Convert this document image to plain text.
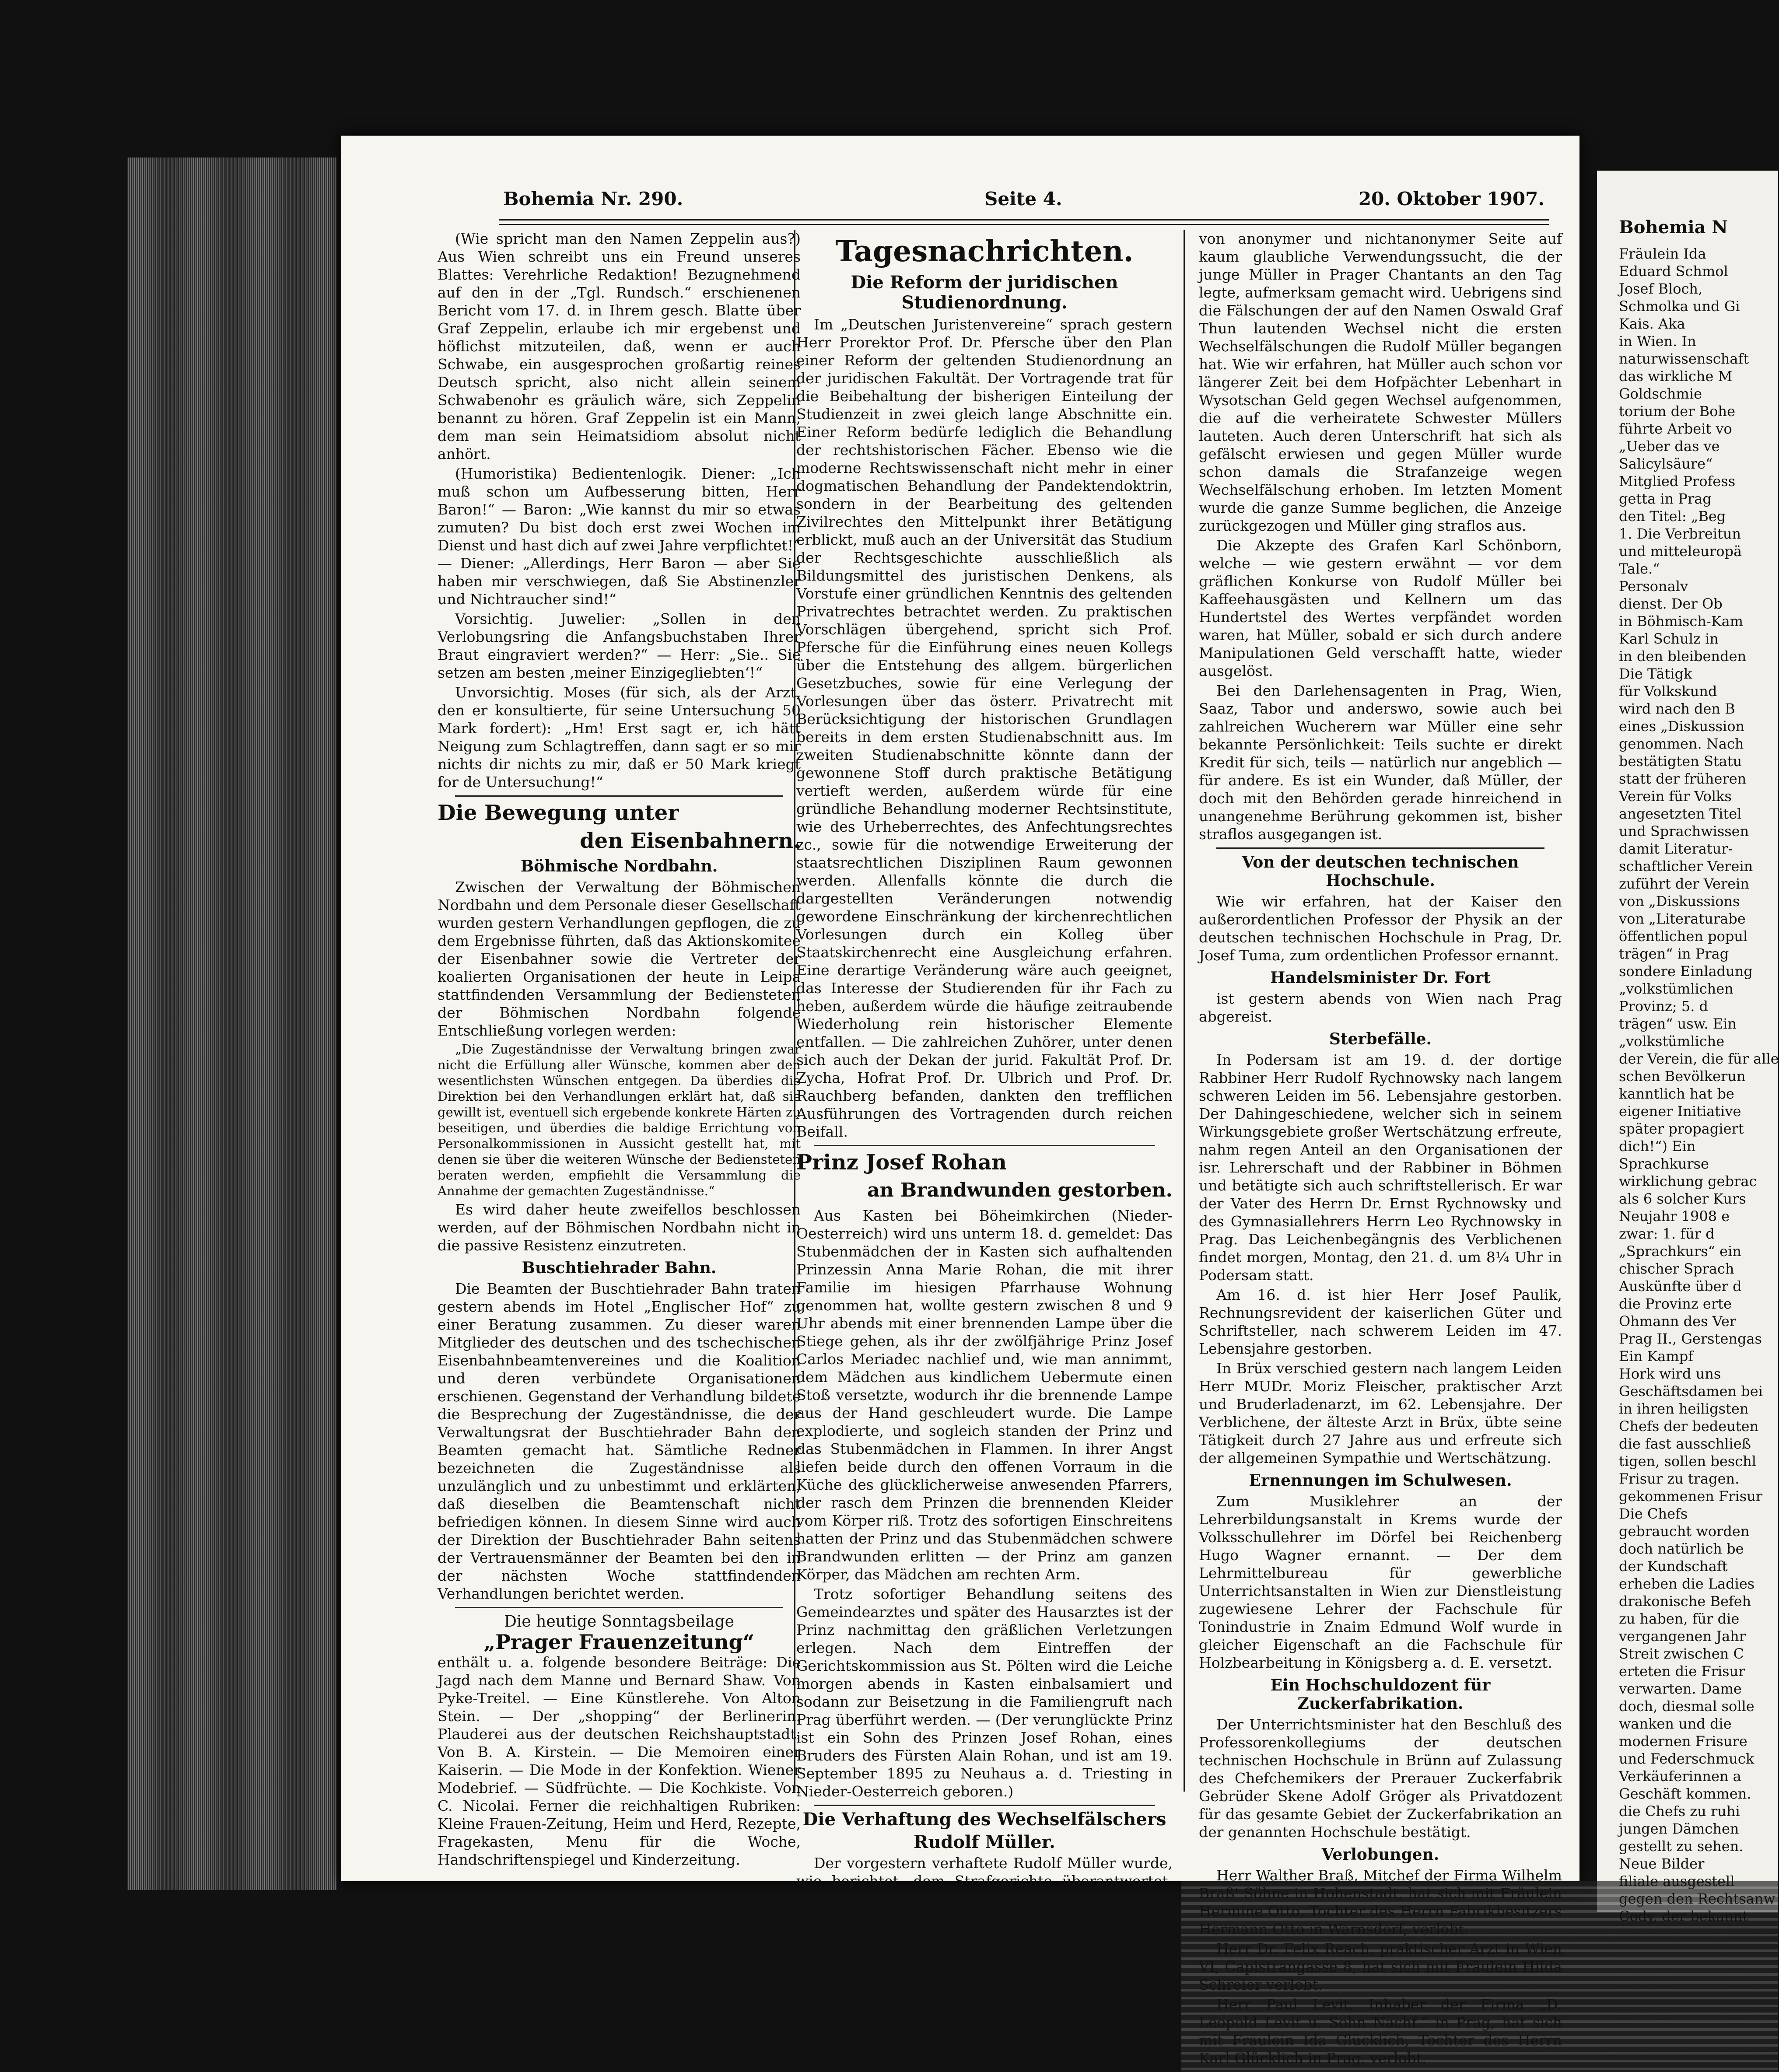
Bohemia Nr. 290.	Seite 4.	20. Oktober 1907.

(Wie spricht man den Namen Zeppelin aus?) Aus Wien schreibt uns ein Freund unseres Blattes: Verehrliche Redaktion! Bezugnehmend auf den in der „Tgl. Rundsch.“ erschienenen Bericht vom 17. d. in Ihrem gesch. Blatte über Graf Zeppelin, erlaube ich mir ergebenst und höflichst mitzuteilen, daß, wenn er auch Schwabe, ein ausgesprochen großartig reines Deutsch spricht, also nicht allein seinem Schwabenohr es gräulich wäre, sich Zeppelin benannt zu hören. Graf Zeppelin ist ein Mann, dem man sein Heimatsidiom absolut nicht anhört.

(Humoristika) Bedientenlogik. Diener: „Ich muß schon um Aufbesserung bitten, Herr Baron!“ — Baron: „Wie kannst du mir so etwas zumuten? Du bist doch erst zwei Wochen im Dienst und hast dich auf zwei Jahre verpflichtet!“ — Diener: „Allerdings, Herr Baron — aber Sie haben mir verschwiegen, daß Sie Abstinenzler und Nichtraucher sind!“

Vorsichtig. Juwelier: „Sollen in den Verlobungsring die Anfangsbuchstaben Ihrer Braut eingraviert werden?“ — Herr: „Sie.. Sie setzen am besten ‚meiner Einzigegliebten‘!“

Unvorsichtig. Moses (für sich, als der Arzt, den er konsultierte, für seine Untersuchung 50 Mark fordert): „Hm! Erst sagt er, ich hätt Neigung zum Schlagtreffen, dann sagt er so mir nichts dir nichts zu mir, daß er 50 Mark kriegt for de Untersuchung!“

Die Bewegung unter
den Eisenbahnern.
Böhmische Nordbahn.

Zwischen der Verwaltung der Böhmischen Nordbahn und dem Personale dieser Gesellschaft wurden gestern Verhandlungen gepflogen, die zu dem Ergebnisse führten, daß das Aktionskomitee der Eisenbahner sowie die Vertreter der koalierten Organisationen der heute in Leipa stattfindenden Versammlung der Bediensteten der Böhmischen Nordbahn folgende Entschließung vorlegen werden:

„Die Zugeständnisse der Verwaltung bringen zwar nicht die Erfüllung aller Wünsche, kommen aber den wesentlichsten Wünschen entgegen. Da überdies die Direktion bei den Verhandlungen erklärt hat, daß sie gewillt ist, eventuell sich ergebende konkrete Härten zu beseitigen, und überdies die baldige Errichtung von Personalkommissionen in Aussicht gestellt hat, mit denen sie über die weiteren Wünsche der Bediensteten beraten werden, empfiehlt die Versammlung die Annahme der gemachten Zugeständnisse.“

Es wird daher heute zweifellos beschlossen werden, auf der Böhmischen Nordbahn nicht in die passive Resistenz einzutreten.

Buschtiehrader Bahn.

Die Beamten der Buschtiehrader Bahn traten gestern abends im Hotel „Englischer Hof“ zu einer Beratung zusammen. Zu dieser waren Mitglieder des deutschen und des tschechischen Eisenbahnbeamtenvereines und die Koalition und deren verbündete Organisationen erschienen. Gegenstand der Verhandlung bildete die Besprechung der Zugeständnisse, die der Verwaltungsrat der Buschtiehrader Bahn den Beamten gemacht hat. Sämtliche Redner bezeichneten die Zugeständnisse als unzulänglich und zu unbestimmt und erklärten, daß dieselben die Beamtenschaft nicht befriedigen können. In diesem Sinne wird auch der Direktion der Buschtiehrader Bahn seitens der Vertrauensmänner der Beamten bei den in der nächsten Woche stattfindenden Verhandlungen berichtet werden.

Die heutige Sonntagsbeilage
„Prager Frauenzeitung“

enthält u. a. folgende besondere Beiträge: Die Jagd nach dem Manne und Bernard Shaw. Von Pyke-Treitel. — Eine Künstlerehe. Von Alton Stein. — Der „shopping“ der Berlinerin. Plauderei aus der deutschen Reichshauptstadt. Von B. A. Kirstein. — Die Memoiren einer Kaiserin. — Die Mode in der Konfektion. Wiener Modebrief. — Südfrüchte. — Die Kochkiste. Von C. Nicolai. Ferner die reichhaltigen Rubriken: Kleine Frauen-Zeitung, Heim und Herd, Rezepte, Fragekasten, Menu für die Woche, Handschriftenspiegel und Kinderzeitung.

Tagesnachrichten.
Die Reform der juridischen Studienordnung.

Im „Deutschen Juristenvereine“ sprach gestern Herr Prorektor Prof. Dr. Pfersche über den Plan einer Reform der geltenden Studienordnung an der juridischen Fakultät. Der Vortragende trat für die Beibehaltung der bisherigen Einteilung der Studienzeit in zwei gleich lange Abschnitte ein. Einer Reform bedürfe lediglich die Behandlung der rechtshistorischen Fächer. Ebenso wie die moderne Rechtswissenschaft nicht mehr in einer dogmatischen Behandlung der Pandektendoktrin, sondern in der Bearbeitung des geltenden Zivilrechtes den Mittelpunkt ihrer Betätigung erblickt, muß auch an der Universität das Studium der Rechtsgeschichte ausschließlich als Bildungsmittel des juristischen Denkens, als Vorstufe einer gründlichen Kenntnis des geltenden Privatrechtes betrachtet werden. Zu praktischen Vorschlägen übergehend, spricht sich Prof. Pfersche für die Einführung eines neuen Kollegs über die Entstehung des allgem. bürgerlichen Gesetzbuches, sowie für eine Verlegung der Vorlesungen über das österr. Privatrecht mit Berücksichtigung der historischen Grundlagen bereits in dem ersten Studienabschnitt aus. Im zweiten Studienabschnitte könnte dann der gewonnene Stoff durch praktische Betätigung vertieft werden, außerdem würde für eine gründliche Behandlung moderner Rechtsinstitute, wie des Urheberrechtes, des Anfechtungsrechtes zc., sowie für die notwendige Erweiterung der staatsrechtlichen Disziplinen Raum gewonnen werden. Allenfalls könnte die durch die dargestellten Veränderungen notwendig gewordene Einschränkung der kirchenrechtlichen Vorlesungen durch ein Kolleg über Staatskirchenrecht eine Ausgleichung erfahren. Eine derartige Veränderung wäre auch geeignet, das Interesse der Studierenden für ihr Fach zu heben, außerdem würde die häufige zeitraubende Wiederholung rein historischer Elemente entfallen. — Die zahlreichen Zuhörer, unter denen sich auch der Dekan der jurid. Fakultät Prof. Dr. Zycha, Hofrat Prof. Dr. Ulbrich und Prof. Dr. Rauchberg befanden, dankten den trefflichen Ausführungen des Vortragenden durch reichen Beifall.

Prinz Josef Rohan
an Brandwunden gestorben.

Aus Kasten bei Böheimkirchen (Nieder-Oesterreich) wird uns unterm 18. d. gemeldet: Das Stubenmädchen der in Kasten sich aufhaltenden Prinzessin Anna Marie Rohan, die mit ihrer Familie im hiesigen Pfarrhause Wohnung genommen hat, wollte gestern zwischen 8 und 9 Uhr abends mit einer brennenden Lampe über die Stiege gehen, als ihr der zwölfjährige Prinz Josef Carlos Meriadec nachlief und, wie man annimmt, dem Mädchen aus kindlichem Uebermute einen Stoß versetzte, wodurch ihr die brennende Lampe aus der Hand geschleudert wurde. Die Lampe explodierte, und sogleich standen der Prinz und das Stubenmädchen in Flammen. In ihrer Angst liefen beide durch den offenen Vorraum in die Küche des glücklicherweise anwesenden Pfarrers, der rasch dem Prinzen die brennenden Kleider vom Körper riß. Trotz des sofortigen Einschreitens hatten der Prinz und das Stubenmädchen schwere Brandwunden erlitten — der Prinz am ganzen Körper, das Mädchen am rechten Arm.

Trotz sofortiger Behandlung seitens des Gemeindearztes und später des Hausarztes ist der Prinz nachmittag den gräßlichen Verletzungen erlegen. Nach dem Eintreffen der Gerichtskommission aus St. Pölten wird die Leiche morgen abends in Kasten einbalsamiert und sodann zur Beisetzung in die Familiengruft nach Prag überführt werden. — (Der verunglückte Prinz ist ein Sohn des Prinzen Josef Rohan, eines Bruders des Fürsten Alain Rohan, und ist am 19. September 1895 zu Neuhaus a. d. Triesting in Nieder-Oesterreich geboren.)

Die Verhaftung des Wechselfälschers
Rudolf Müller.

Der vorgestern verhaftete Rudolf Müller wurde, wie berichtet, dem Strafgerichte überantwortet. Ein dicker Stoß Akten geht mit ihm, darunter auch solche aus der Zeit, da Müller noch minderjährig war und in denen die Polizei

von anonymer und nichtanonymer Seite auf kaum glaubliche Verwendungssucht, die der junge Müller in Prager Chantants an den Tag legte, aufmerksam gemacht wird. Uebrigens sind die Fälschungen der auf den Namen Oswald Graf Thun lautenden Wechsel nicht die ersten Wechselfälschungen die Rudolf Müller begangen hat. Wie wir erfahren, hat Müller auch schon vor längerer Zeit bei dem Hofpächter Lebenhart in Wysotschan Geld gegen Wechsel aufgenommen, die auf die verheiratete Schwester Müllers lauteten. Auch deren Unterschrift hat sich als gefälscht erwiesen und gegen Müller wurde schon damals die Strafanzeige wegen Wechselfälschung erhoben. Im letzten Moment wurde die ganze Summe beglichen, die Anzeige zurückgezogen und Müller ging straflos aus.

Die Akzepte des Grafen Karl Schönborn, welche — wie gestern erwähnt — vor dem gräflichen Konkurse von Rudolf Müller bei Kaffeehausgästen und Kellnern um das Hundertstel des Wertes verpfändet worden waren, hat Müller, sobald er sich durch andere Manipulationen Geld verschafft hatte, wieder ausgelöst.

Bei den Darlehensagenten in Prag, Wien, Saaz, Tabor und anderswo, sowie auch bei zahlreichen Wucherern war Müller eine sehr bekannte Persönlichkeit: Teils suchte er direkt Kredit für sich, teils — natürlich nur angeblich — für andere. Es ist ein Wunder, daß Müller, der doch mit den Behörden gerade hinreichend in unangenehme Berührung gekommen ist, bisher straflos ausgegangen ist.

Von der deutschen technischen Hochschule.

Wie wir erfahren, hat der Kaiser den außerordentlichen Professor der Physik an der deutschen technischen Hochschule in Prag, Dr. Josef Tuma, zum ordentlichen Professor ernannt.

Handelsminister Dr. Fort

ist gestern abends von Wien nach Prag abgereist.

Sterbefälle.

In Podersam ist am 19. d. der dortige Rabbiner Herr Rudolf Rychnowsky nach langem schweren Leiden im 56. Lebensjahre gestorben. Der Dahingeschiedene, welcher sich in seinem Wirkungsgebiete großer Wertschätzung erfreute, nahm regen Anteil an den Organisationen der isr. Lehrerschaft und der Rabbiner in Böhmen und betätigte sich auch schriftstellerisch. Er war der Vater des Herrn Dr. Ernst Rychnowsky und des Gymnasiallehrers Herrn Leo Rychnowsky in Prag. Das Leichenbegängnis des Verblichenen findet morgen, Montag, den 21. d. um 8¼ Uhr in Podersam statt.

Am 16. d. ist hier Herr Josef Paulik, Rechnungsrevident der kaiserlichen Güter und Schriftsteller, nach schwerem Leiden im 47. Lebensjahre gestorben.

In Brüx verschied gestern nach langem Leiden Herr MUDr. Moriz Fleischer, praktischer Arzt und Bruderladenarzt, im 62. Lebensjahre. Der Verblichene, der älteste Arzt in Brüx, übte seine Tätigkeit durch 27 Jahre aus und erfreute sich der allgemeinen Sympathie und Wertschätzung.

Ernennungen im Schulwesen.

Zum Musiklehrer an der Lehrerbildungsanstalt in Krems wurde der Volksschullehrer im Dörfel bei Reichenberg Hugo Wagner ernannt. — Der dem Lehrmittelbureau für gewerbliche Unterrichtsanstalten in Wien zur Dienstleistung zugewiesene Lehrer der Fachschule für Tonindustrie in Znaim Edmund Wolf wurde in gleicher Eigenschaft an die Fachschule für Holzbearbeitung in Königsberg a. d. E. versetzt.

Ein Hochschuldozent für Zuckerfabrikation.

Der Unterrichtsminister hat den Beschluß des Professorenkollegiums der deutschen technischen Hochschule in Brünn auf Zulassung des Chefchemikers der Prerauer Zuckerfabrik Gebrüder Skene Adolf Gröger als Privatdozent für das gesamte Gebiet der Zuckerfabrikation an der genannten Hochschule bestätigt.

Verlobungen.

Herr Walther Braß, Mitchef der Firma Wilhelm Braß' Söhne in Hohenstadt, hat sich mit Fräulein Hermine Otto, Tochter des Herrn Fabrikbesitzers Hermann Otto in Warnsdorf, verlobt.

Herr Dr. Felix Reach, praktischer Arzt in Wien VI, Capistrangasse 8, hat sich mit Fräulein Hilda Schreier verlobt.

Herr Paul Levit, Inhaber der Firma „D. Leopold Levit u. Sohn Nachf.“ in Prag, hat sich mit Fräulein Ida Glücklich, Tochter des Herrn Karl Glücklich in Prag, verlobt.

Bohemia N
Fräulein Ida
Eduard Schmol
Josef Bloch,
Schmolka und Gi
Kais. Aka
in Wien. In
naturwissenschaft
das wirkliche M
Goldschmie
torium der Bohe
führte Arbeit vo
„Ueber das ve
Salicylsäure“
Mitglied Profess
getta in Prag
den Titel: „Beg
1. Die Verbreitun
und mitteleuropä
Tale.“
Personalv
dienst. Der Ob
in Böhmisch-Kam
Karl Schulz in
in den bleibenden
Die Tätigk
für Volkskund
wird nach den B
eines „Diskussion
genommen. Nach
bestätigten Statu
statt der früheren
Verein für Volks
angesetzten Titel
und Sprachwissen
damit Literatur-
schaftlicher Verein
zuführt der Verein
von „Diskussions
von „Literaturabe
öffentlichen popul
trägen“ in Prag
sondere Einladung
„volkstümlichen
Provinz; 5. d
trägen“ usw. Ein
„volkstümliche
der Verein, die für alle
schen Bevölkerun
kanntlich hat be
eigener Initiative
später propagiert
dich!“) Ein
Sprachkurse
wirklichung gebrac
als 6 solcher Kurs
Neujahr 1908 e
zwar: 1. für d
„Sprachkurs“ ein
chischer Sprach
Auskünfte über d
die Provinz erte
Ohmann des Ver
Prag II., Gerstengas
Ein Kampf
Hork wird uns
Geschäftsdamen bei
in ihren heiligsten
Chefs der bedeuten
die fast ausschließ
tigen, sollen beschl
Frisur zu tragen.
gekommenen Frisur
Die Chefs
gebraucht worden
doch natürlich be
der Kundschaft
erheben die Ladies
drakonische Befeh
zu haben, für die
vergangenen Jahr
Streit zwischen C
erteten die Frisur
verwarten. Dame
doch, diesmal solle
wanken und die
modernen Frisure
und Federschmuck
Verkäuferinnen a
Geschäft kommen.
die Chefs zu ruhi
jungen Dämchen
gestellt zu sehen.
Neue Bilder
filiale ausgestell
gegen den Rechtsanw
Cody, der bekannt
